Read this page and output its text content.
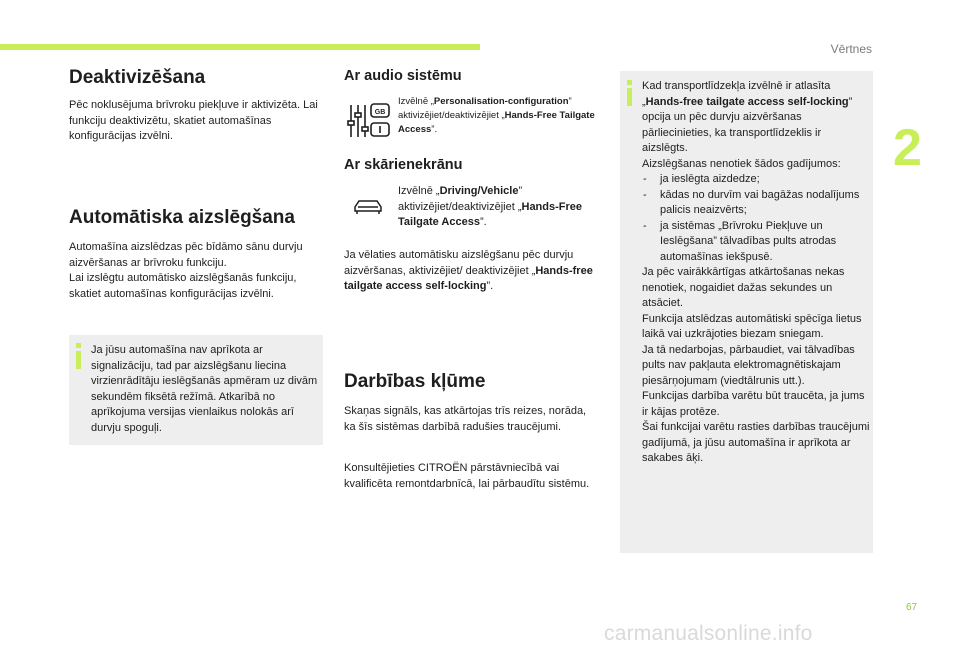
Vērtnes
2
Deaktivizēšana

Pēc noklusējuma brīvroku piekļuve ir aktivizēta. Lai funkciju deaktivizētu, skatiet automašīnas konfigurācijas izvēlni.

Automātiska aizslēgšana

Automašīna aizslēdzas pēc bīdāmo sānu durvju aizvēršanas ar brīvroku funkciju.

Lai izslēgtu automātisko aizslēgšanās funkciju, skatiet automašīnas konfigurācijas izvēlni.

Ja jūsu automašīna nav aprīkota ar signalizāciju, tad par aizslēgšanu liecina virzienrādītāju ieslēgšanās apmēram uz divām sekundēm fiksētā režīmā. Atkarībā no aprīkojuma versijas vienlaikus nolokās arī durvju spoguļi.

Ar audio sistēmu
GB

Izvēlnē „Personalisation-configuration” aktivizējiet/deaktivizējiet „Hands-Free Tailgate Access”.

Ar skārienekrānu

Izvēlnē „Driving/Vehicle” aktivizējiet/deaktivizējiet „Hands-Free Tailgate Access”.

Ja vēlaties automātisku aizslēgšanu pēc durvju aizvēršanas, aktivizējiet/ deaktivizējiet „Hands-free tailgate access self-locking”.

Darbības kļūme

Skaņas signāls, kas atkārtojas trīs reizes, norāda, ka šīs sistēmas darbībā radušies traucējumi.

Konsultējieties CITROËN pārstāvniecībā vai kvalificēta remontdarbnīcā, lai pārbaudītu sistēmu.

Kad transportlīdzekļa izvēlnē ir atlasīta „Hands-free tailgate access self-locking” opcija un pēc durvju aizvēršanas pārliecinieties, ka transportlīdzeklis ir aizslēgts.

Aizslēgšanas nenotiek šādos gadījumos:

- ja ieslēgta aizdedze;
- kādas no durvīm vai bagāžas nodalījums palicis neaizvērts;
- ja sistēmas „Brīvroku Piekļuve un Ieslēgšana” tālvadības pults atrodas automašīnas iekšpusē.

Ja pēc vairākkārtīgas atkārtošanas nekas nenotiek, nogaidiet dažas sekundes un atsāciet.

Funkcija atslēdzas automātiski spēcīga lietus laikā vai uzkrājoties biezam sniegam.

Ja tā nedarbojas, pārbaudiet, vai tālvadības pults nav pakļauta elektromagnētiskajam piesārņojumam (viedtālrunis utt.).

Funkcijas darbība varētu būt traucēta, ja jums ir kājas protēze.

Šai funkcijai varētu rasties darbības traucējumi gadījumā, ja jūsu automašīna ir aprīkota ar sakabes āķi.

67
carmanualsonline.info
